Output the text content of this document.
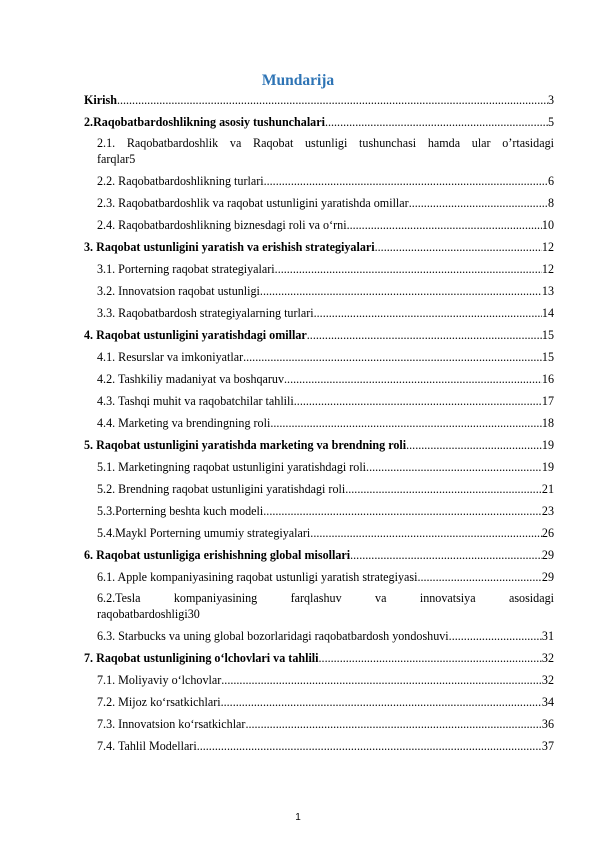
Mundarija
Kirish .....	3
2.Raqobatbardoshlikning asosiy tushunchalari .....	5
2.1. Raqobatbardoshlik va Raqobat ustunligi tushunchasi hamda ular o’rtasidagi
farqlar 5
2.2. Raqobatbardoshlikning turlari .....	6
2.3. Raqobatbardoshlik va raqobat ustunligini yaratishda omillar .....	8
2.4. Raqobatbardoshlikning biznesdagi roli va o‘rni .....	10
3. Raqobat ustunligini yaratish va erishish strategiyalari .....	12
3.1. Porterning raqobat strategiyalari .....	12
3.2. Innovatsion raqobat ustunligi .....	13
3.3. Raqobatbardosh strategiyalarning turlari .....	14
4. Raqobat ustunligini yaratishdagi omillar .....	15
4.1. Resurslar va imkoniyatlar .....	15
4.2. Tashkiliy madaniyat va boshqaruv .....	16
4.3. Tashqi muhit va raqobatchilar tahlili .....	17
4.4. Marketing va brendingning roli .....	18
5. Raqobat ustunligini yaratishda marketing va brendning roli .....	19
5.1. Marketingning raqobat ustunligini yaratishdagi roli .....	19
5.2. Brendning raqobat ustunligini yaratishdagi roli .....	21
5.3.Porterning beshta kuch modeli .....	23
5.4.Maykl Porterning umumiy strategiyalari .....	26
6. Raqobat ustunligiga erishishning global misollari .....	29
6.1. Apple kompaniyasining raqobat ustunligi yaratish strategiyasi .....	29
6.2.Tesla kompaniyasining farqlashuv va innovatsiya asosidagi
raqobatbardoshligi 30
6.3. Starbucks va uning global bozorlaridagi raqobatbardosh yondoshuvi .....	31
7. Raqobat ustunligining o‘lchovlari va tahlili .....	32
7.1. Moliyaviy o‘lchovlar .....	32
7.2. Mijoz ko‘rsatkichlari .....	34
7.3. Innovatsion ko‘rsatkichlar .....	36
7.4. Tahlil Modellari .....	37
1
